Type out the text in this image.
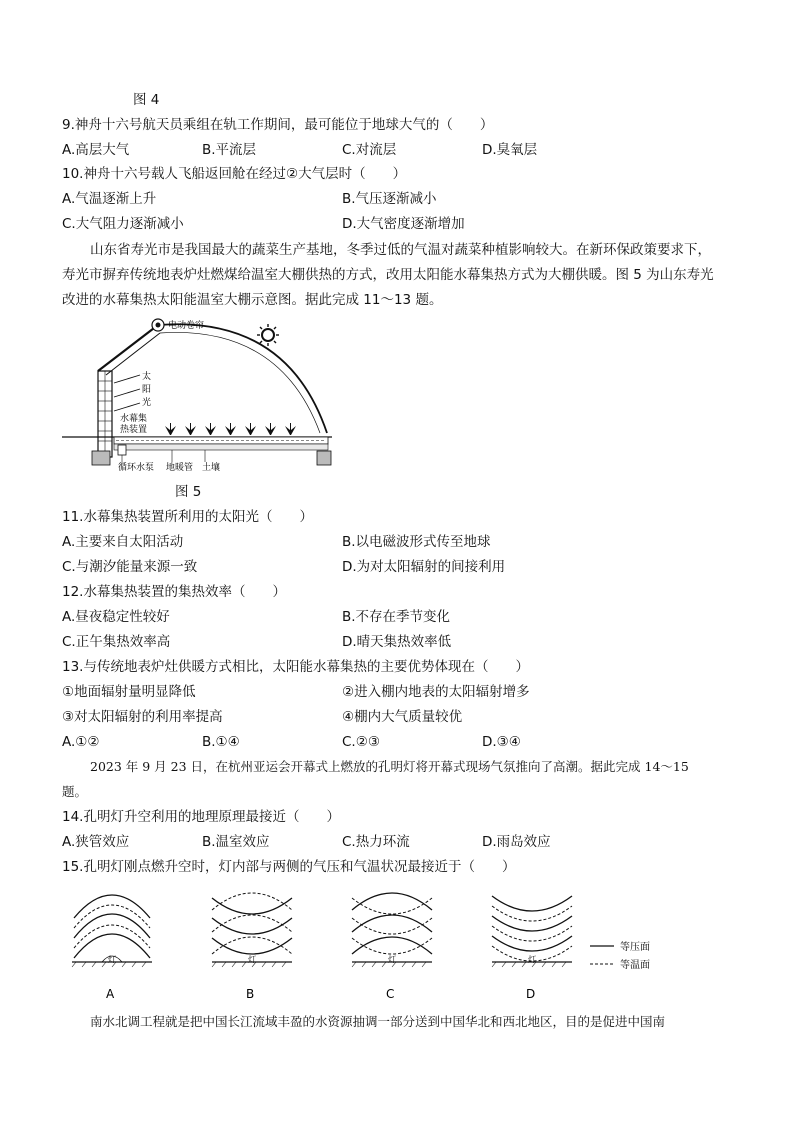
图 4
9.神舟十六号航天员乘组在轨工作期间，最可能位于地球大气的（　　）
A.高层大气	B.平流层	C.对流层	D.臭氧层
10.神舟十六号载人飞船返回舱在经过②大气层时（　　）
A.气温逐渐上升	B.气压逐渐减小
C.大气阻力逐渐减小	D.大气密度逐渐增加
山东省寿光市是我国最大的蔬菜生产基地，冬季过低的气温对蔬菜种植影响较大。在新环保政策要求下，
寿光市摒弃传统地表炉灶燃煤给温室大棚供热的方式，改用太阳能水幕集热方式为大棚供暖。图 5 为山东寿光
改进的水幕集热太阳能温室大棚示意图。据此完成 11～13 题。
电动卷帘
太
阳
光
水幕集
热装置
循环水泵 地暖管 土壤
图 5
11.水幕集热装置所利用的太阳光（　　）
A.主要来自太阳活动	B.以电磁波形式传至地球
C.与潮汐能量来源一致	D.为对太阳辐射的间接利用
12.水幕集热装置的集热效率（　　）
A.昼夜稳定性较好	B.不存在季节变化
C.正午集热效率高	D.晴天集热效率低
13.与传统地表炉灶供暖方式相比，太阳能水幕集热的主要优势体现在（　　）
①地面辐射量明显降低	②进入棚内地表的太阳辐射增多
③对太阳辐射的利用率提高	④棚内大气质量较优
A.①②	B.①④	C.②③	D.③④
2023 年 9 月 23 日，在杭州亚运会开幕式上燃放的孔明灯将开幕式现场气氛推向了高潮。据此完成 14～15
题。
14.孔明灯升空利用的地理原理最接近（　　）
A.狭管效应	B.温室效应	C.热力环流	D.雨岛效应
15.孔明灯刚点燃升空时，灯内部与两侧的气压和气温状况最接近于（　　）
灯
A
灯
B
灯
C
灯
D
等压面
等温面
南水北调工程就是把中国长江流域丰盈的水资源抽调一部分送到中国华北和西北地区，目的是促进中国南
